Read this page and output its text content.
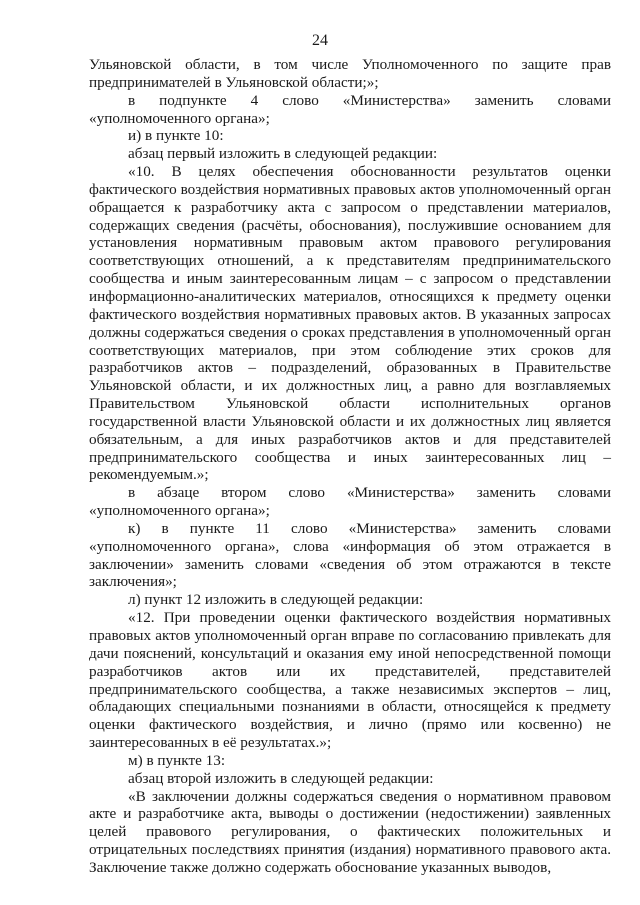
24

Ульяновской области, в том числе Уполномоченного по защите прав предпринимателей в Ульяновской области;»;

в подпункте 4 слово «Министерства» заменить словами «уполномоченного органа»;

и) в пункте 10:

абзац первый изложить в следующей редакции:

«10. В целях обеспечения обоснованности результатов оценки фактического воздействия нормативных правовых актов уполномоченный орган обращается к разработчику акта с запросом о представлении материалов, содержащих сведения (расчёты, обоснования), послужившие основанием для установления нормативным правовым актом правового регулирования соответствующих отношений, а к представителям предпринимательского сообщества и иным заинтересованным лицам – с запросом о представлении информационно-аналитических материалов, относящихся к предмету оценки фактического воздействия нормативных правовых актов. В указанных запросах должны содержаться сведения о сроках представления в уполномоченный орган соответствующих материалов, при этом соблюдение этих сроков для разработчиков актов – подразделений, образованных в Правительстве Ульяновской области, и их должностных лиц, а равно для возглавляемых Правительством Ульяновской области исполнительных органов государственной власти Ульяновской области и их должностных лиц является обязательным, а для иных разработчиков актов и для представителей предпринимательского сообщества и иных заинтересованных лиц – рекомендуемым.»;

в абзаце втором слово «Министерства» заменить словами «уполномоченного органа»;

к) в пункте 11 слово «Министерства» заменить словами «уполномоченного органа», слова «информация об этом отражается в заключении» заменить словами «сведения об этом отражаются в тексте заключения»;

л) пункт 12 изложить в следующей редакции:

«12. При проведении оценки фактического воздействия нормативных правовых актов уполномоченный орган вправе по согласованию привлекать для дачи пояснений, консультаций и оказания ему иной непосредственной помощи разработчиков актов или их представителей, представителей предпринимательского сообщества, а также независимых экспертов – лиц, обладающих специальными познаниями в области, относящейся к предмету оценки фактического воздействия, и лично (прямо или косвенно) не заинтересованных в её результатах.»;

м) в пункте 13:

абзац второй изложить в следующей редакции:

«В заключении должны содержаться сведения о нормативном правовом акте и разработчике акта, выводы о достижении (недостижении) заявленных целей правового регулирования, о фактических положительных и отрицательных последствиях принятия (издания) нормативного правового акта. Заключение также должно содержать обоснование указанных выводов,
